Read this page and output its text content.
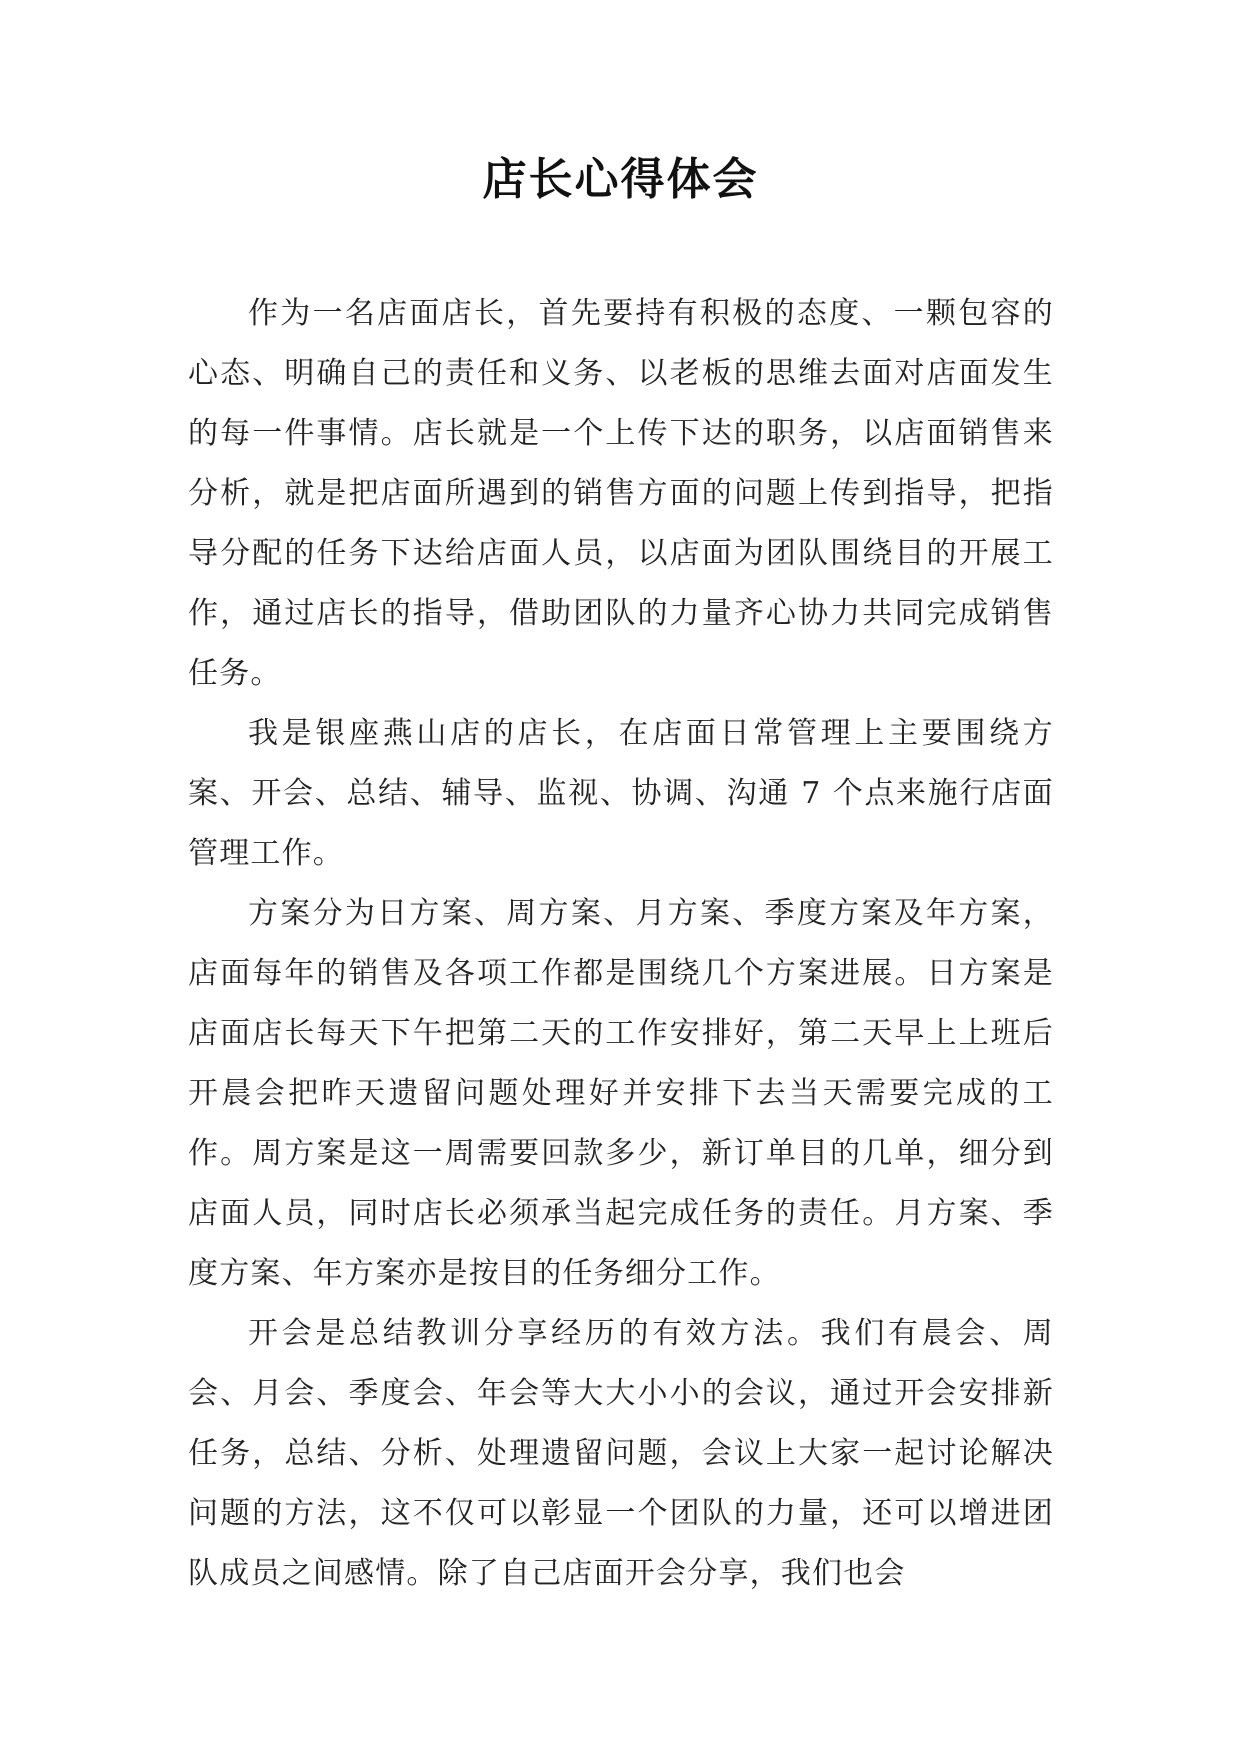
店长心得体会

作为一名店面店长，首先要持有积极的态度、一颗包容的心态、明确自己的责任和义务、以老板的思维去面对店面发生的每一件事情。店长就是一个上传下达的职务，以店面销售来分析，就是把店面所遇到的销售方面的问题上传到指导，把指导分配的任务下达给店面人员，以店面为团队围绕目的开展工作，通过店长的指导，借助团队的力量齐心协力共同完成销售任务。

我是银座燕山店的店长，在店面日常管理上主要围绕方案、开会、总结、辅导、监视、协调、沟通 7 个点来施行店面管理工作。

方案分为日方案、周方案、月方案、季度方案及年方案，店面每年的销售及各项工作都是围绕几个方案进展。日方案是店面店长每天下午把第二天的工作安排好，第二天早上上班后开晨会把昨天遗留问题处理好并安排下去当天需要完成的工作。周方案是这一周需要回款多少，新订单目的几单，细分到店面人员，同时店长必须承当起完成任务的责任。月方案、季度方案、年方案亦是按目的任务细分工作。

开会是总结教训分享经历的有效方法。我们有晨会、周会、月会、季度会、年会等大大小小的会议，通过开会安排新任务，总结、分析、处理遗留问题，会议上大家一起讨论解决问题的方法，这不仅可以彰显一个团队的力量，还可以增进团队成员之间感情。除了自己店面开会分享，我们也会
